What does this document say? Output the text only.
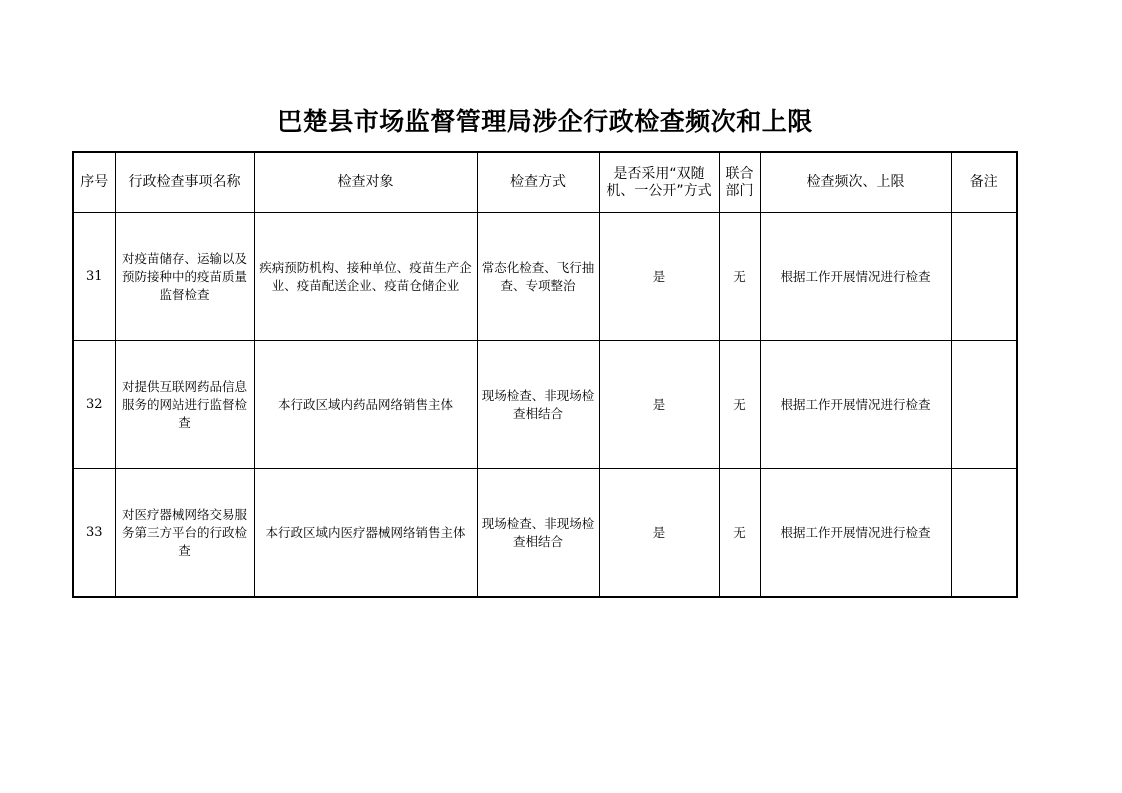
巴楚县市场监督管理局涉企行政检查频次和上限
序号	行政检查事项名称	检查对象	检查方式	是否采用“双随机、一公开”方式	联合部门	检查频次、上限	备注
31	对疫苗储存、运输以及预防接种中的疫苗质量监督检查	疾病预防机构、接种单位、疫苗生产企业、疫苗配送企业、疫苗仓储企业	常态化检查、飞行抽查、专项整治	是	无	根据工作开展情况进行检查	
32	对提供互联网药品信息服务的网站进行监督检查	本行政区域内药品网络销售主体	现场检查、非现场检查相结合	是	无	根据工作开展情况进行检查	
33	对医疗器械网络交易服务第三方平台的行政检查	本行政区域内医疗器械网络销售主体	现场检查、非现场检查相结合	是	无	根据工作开展情况进行检查	
